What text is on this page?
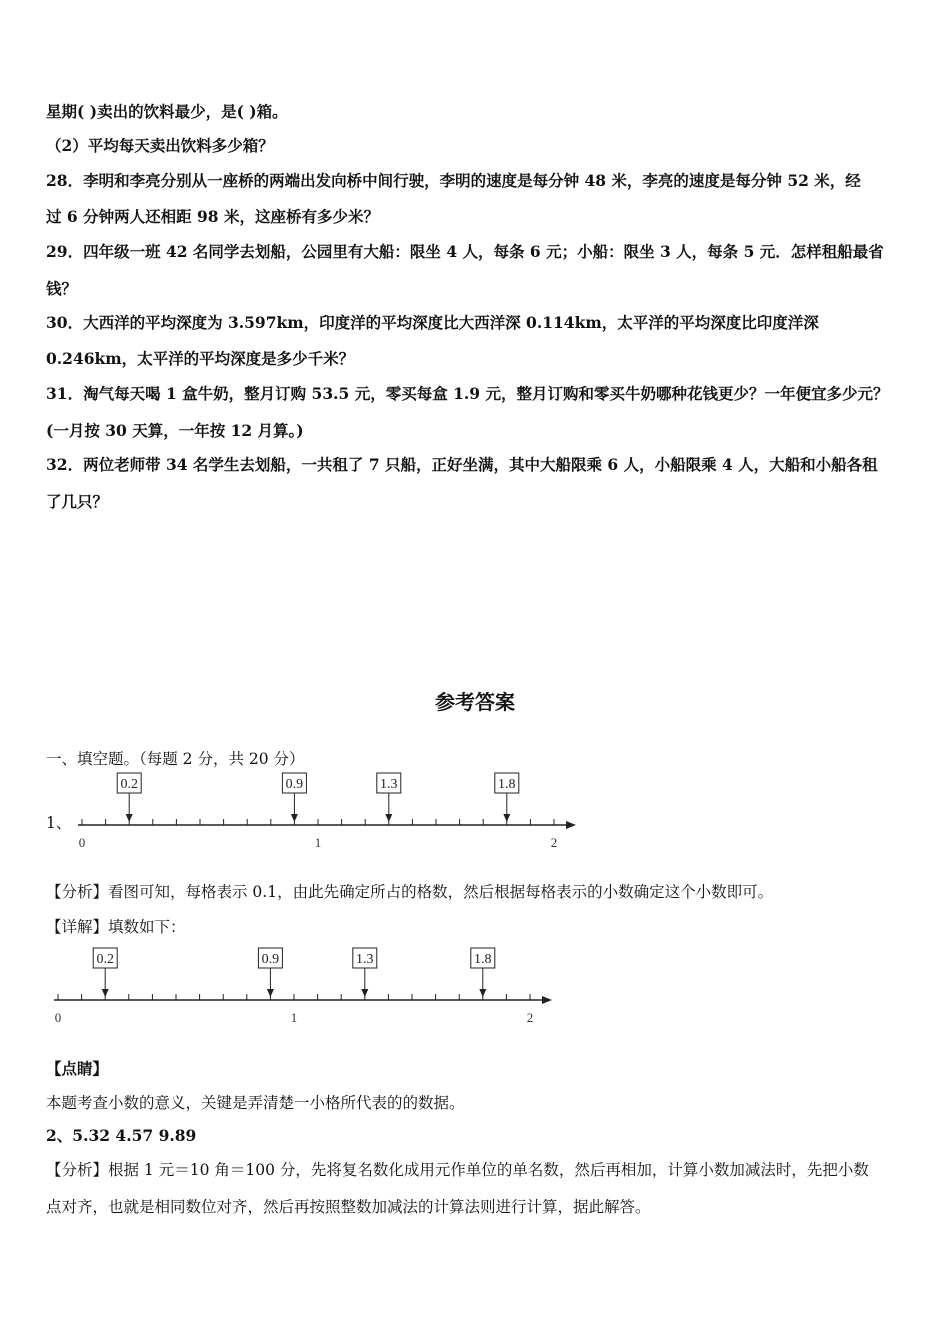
星期( )卖出的饮料最少，是( )箱。
（2）平均每天卖出饮料多少箱？
28．李明和李亮分别从一座桥的两端出发向桥中间行驶，李明的速度是每分钟 48 米，李亮的速度是每分钟 52 米，经
过 6 分钟两人还相距 98 米，这座桥有多少米？
29．四年级一班 42 名同学去划船，公园里有大船：限坐 4 人，每条 6 元；小船：限坐 3 人，每条 5 元．怎样租船最省
钱？
30．大西洋的平均深度为 3.597km，印度洋的平均深度比大西洋深 0.114km，太平洋的平均深度比印度洋深
0.246km，太平洋的平均深度是多少千米？
31．淘气每天喝 1 盒牛奶，整月订购 53.5 元，零买每盒 1.9 元，整月订购和零买牛奶哪种花钱更少？一年便宜多少元？
(一月按 30 天算，一年按 12 月算。)
32．两位老师带 34 名学生去划船，一共租了 7 只船，正好坐满，其中大船限乘 6 人，小船限乘 4 人，大船和小船各租
了几只？
参考答案
一、填空题。（每题 2 分，共 20 分）
1、
0	1	2
0.2	0.9	1.3	1.8
【分析】看图可知，每格表示 0.1，由此先确定所占的格数，然后根据每格表示的小数确定这个小数即可。
【详解】填数如下：
0	1	2
0.2	0.9	1.3	1.8
【点睛】
本题考查小数的意义，关键是弄清楚一小格所代表的的数据。
2、5.32 4.57 9.89
【分析】根据 1 元＝10 角＝100 分，先将复名数化成用元作单位的单名数，然后再相加，计算小数加减法时，先把小数
点对齐，也就是相同数位对齐，然后再按照整数加减法的计算法则进行计算，据此解答。
